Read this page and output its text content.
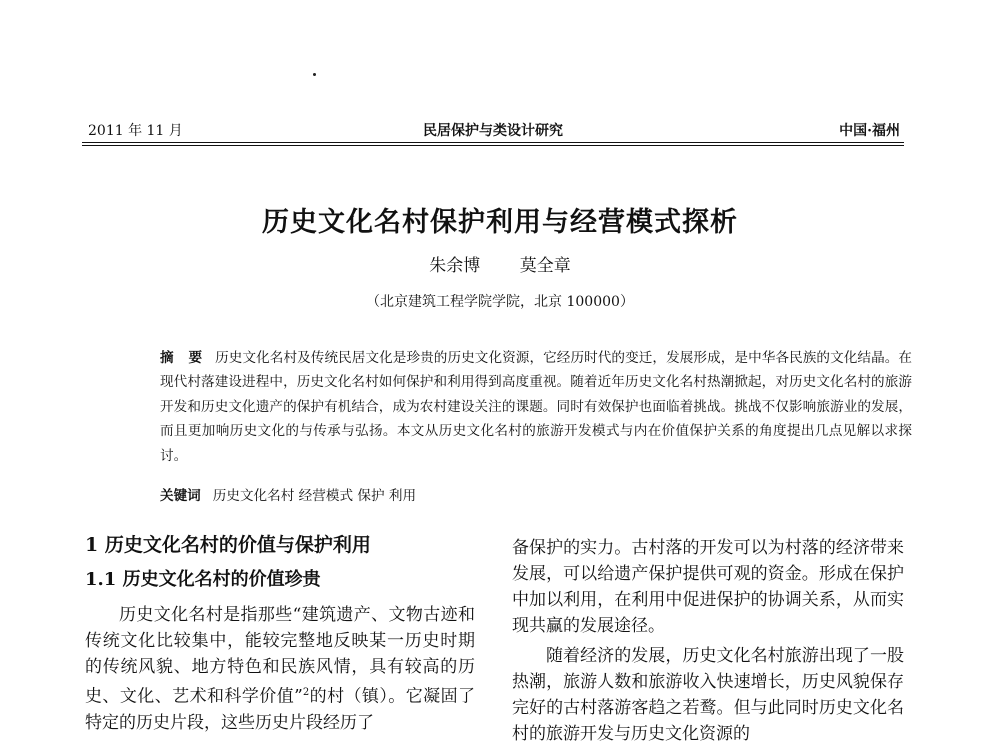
2011 年 11 月	民居保护与类设计研究	中国·福州
历史文化名村保护利用与经营模式探析
朱余博 莫全章
（北京建筑工程学院学院，北京 100000）
摘 要 历史文化名村及传统民居文化是珍贵的历史文化资源，它经历时代的变迁，发展形成，是中华各民族的文化结晶。在现代村落建设进程中，历史文化名村如何保护和利用得到高度重视。随着近年历史文化名村热潮掀起，对历史文化名村的旅游开发和历史文化遗产的保护有机结合，成为农村建设关注的课题。同时有效保护也面临着挑战。挑战不仅影响旅游业的发展，而且更加响历史文化的与传承与弘扬。本文从历史文化名村的旅游开发模式与内在价值保护关系的角度提出几点见解以求探讨。
关键词 历史文化名村 经营模式 保护 利用
1 历史文化名村的价值与保护利用
1.1 历史文化名村的价值珍贵

历史文化名村是指那些“建筑遗产、文物古迹和传统文化比较集中，能较完整地反映某一历史时期的传统风貌、地方特色和民族风情，具有较高的历史、文化、艺术和科学价值”$^2$的村（镇）。它凝固了特定的历史片段，这些历史片段经历了

备保护的实力。古村落的开发可以为村落的经济带来发展，可以给遗产保护提供可观的资金。形成在保护中加以利用，在利用中促进保护的协调关系，从而实现共赢的发展途径。

随着经济的发展，历史文化名村旅游出现了一股热潮，旅游人数和旅游收入快速增长，历史风貌保存完好的古村落游客趋之若鹜。但与此同时历史文化名村的旅游开发与历史文化资源的
